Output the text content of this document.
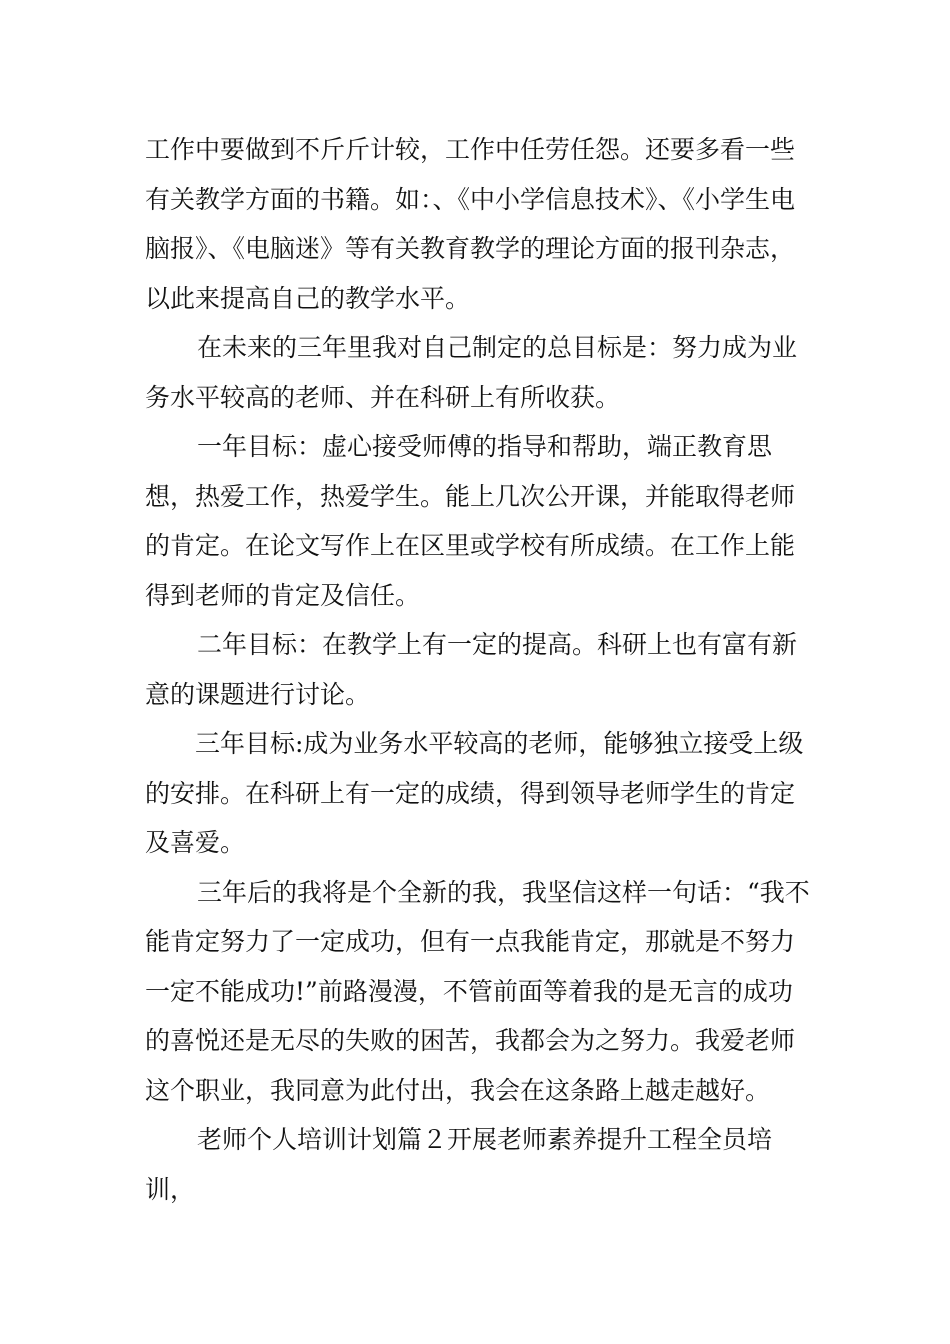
工作中要做到不斤斤计较，工作中任劳任怨。还要多看一些有关教学方面的书籍。如：、《中小学信息技术》、《小学生电脑报》、《电脑迷》等有关教育教学的理论方面的报刊杂志，以此来提高自己的教学水平。

在未来的三年里我对自己制定的总目标是：努力成为业务水平较高的老师、并在科研上有所收获。

一年目标：虚心接受师傅的指导和帮助，端正教育思想，热爱工作，热爱学生。能上几次公开课，并能取得老师的肯定。在论文写作上在区里或学校有所成绩。在工作上能得到老师的肯定及信任。

二年目标：在教学上有一定的提高。科研上也有富有新意的课题进行讨论。

三年目标:成为业务水平较高的老师，能够独立接受上级的安排。在科研上有一定的成绩，得到领导老师学生的肯定及喜爱。

三年后的我将是个全新的我，我坚信这样一句话：“我不能肯定努力了一定成功，但有一点我能肯定，那就是不努力一定不能成功!”前路漫漫，不管前面等着我的是无言的成功的喜悦还是无尽的失败的困苦，我都会为之努力。我爱老师这个职业，我同意为此付出，我会在这条路上越走越好。

老师个人培训计划篇２开展老师素养提升工程全员培训，
